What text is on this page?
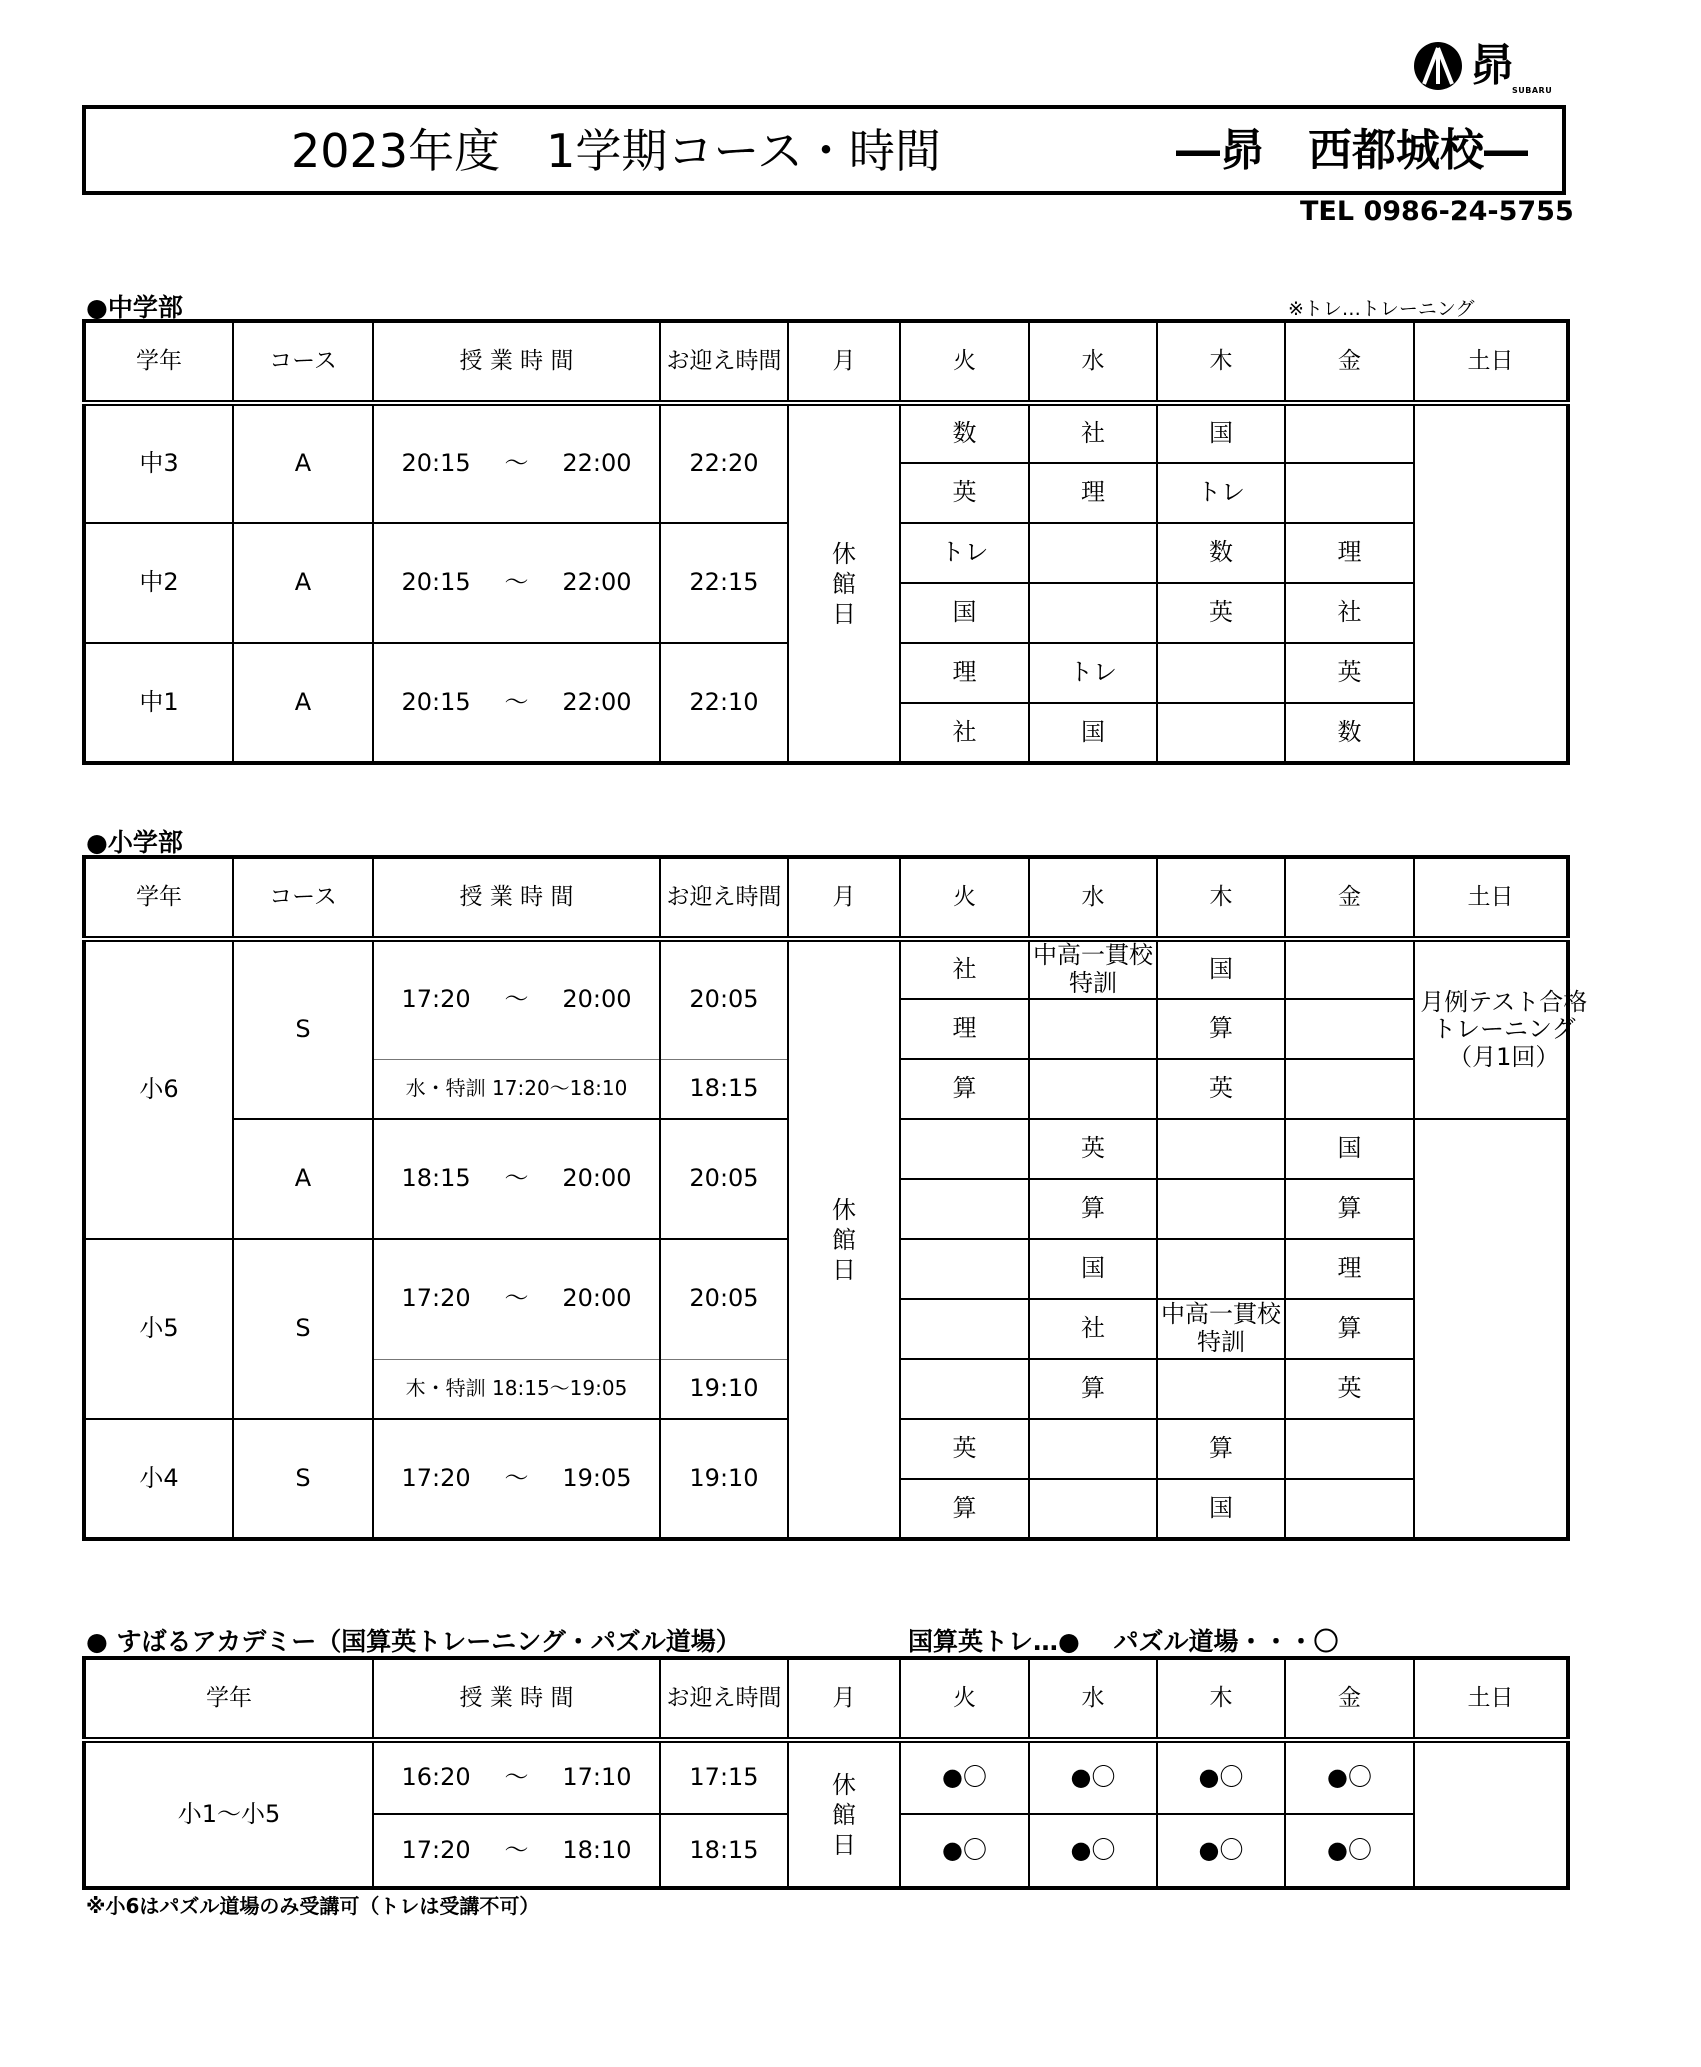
昴 SUBARU
2023年度　1学期コース・時間	―昴　西都城校―
TEL 0986-24-5755
●中学部	※トレ…トレーニング
学年	コース	授 業 時 間	お迎え時間	月	火	水	木	金	土日
中3	A	20:15 ～ 22:00	22:20	休館日	数	社	国		
					英	理	トレ		
中2	A	20:15 ～ 22:00	22:15		トレ		数	理	
					国		英	社	
中1	A	20:15 ～ 22:00	22:10		理	トレ		英	
					社	国		数	
●小学部
学年	コース	授 業 時 間	お迎え時間	月	火	水	木	金	土日
小6	S	17:20 ～ 20:00	20:05	休館日	社	中高一貫校特訓	国		月例テスト合格トレーニング（月1回）

					理		算		
		水・特訓 17:20～18:10	18:15		算		英		
	A	18:15 ～ 20:00	20:05			英		国	
						算		算	
小5	S	17:20 ～ 20:00	20:05			国		理	
						社	中高一貫校特訓	算	
		木・特訓 18:15～19:05	19:10			算		英	
小4	S	17:20 ～ 19:05	19:10		英		算		
					算		国		
● すばるアカデミー（国算英トレーニング・パズル道場）	国算英トレ…●　 パズル道場・・・〇
学年	授 業 時 間	お迎え時間	月	火	水	木	金	土日
小1～小5	16:20 ～ 17:10	17:15	休館日	●〇	●〇	●〇	●〇	

	17:20 ～ 18:10	18:15		●〇	●〇	●〇	●〇	
※小6はパズル道場のみ受講可（トレは受講不可）
